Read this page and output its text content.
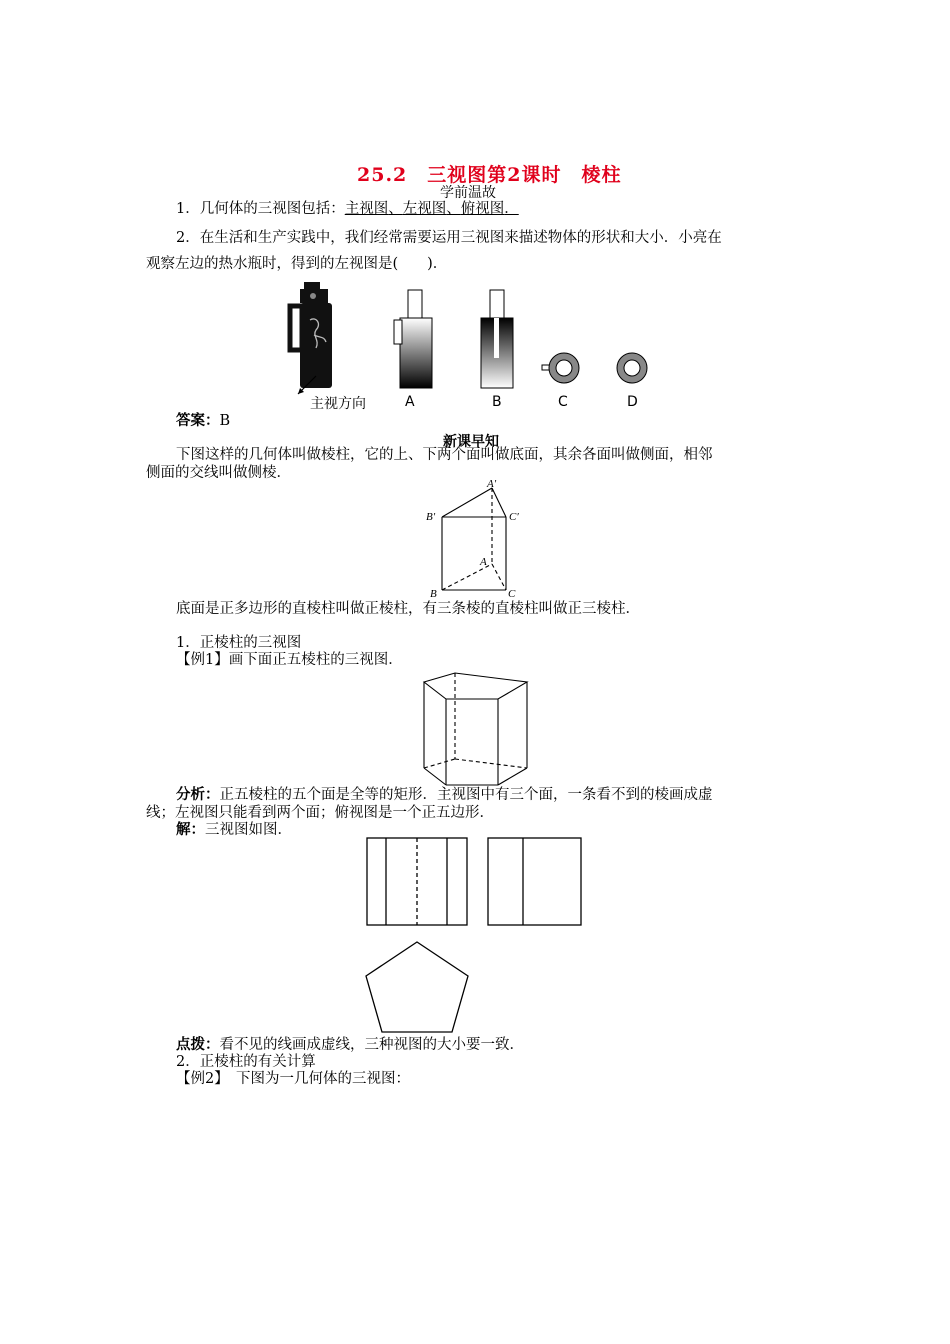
25.2　三视图第2课时　棱柱
学前温故
1．几何体的三视图包括：主视图、左视图、俯视图．
2．在生活和生产实践中，我们经常需要运用三视图来描述物体的形状和大小．小亮在
观察左边的热水瓶时，得到的左视图是(　　)．
主视方向	A	B	C	D
答案：B
新课早知
下图这样的几何体叫做棱柱，它的上、下两个面叫做底面，其余各面叫做侧面，相邻
侧面的交线叫做侧棱．
A′
B′	C′
A
B	C
底面是正多边形的直棱柱叫做正棱柱，有三条棱的直棱柱叫做正三棱柱．
1．正棱柱的三视图
【例1】画下面正五棱柱的三视图．
分析：正五棱柱的五个面是全等的矩形．主视图中有三个面，一条看不到的棱画成虚
线；左视图只能看到两个面；俯视图是一个正五边形．
解：三视图如图．
点拨：看不见的线画成虚线，三种视图的大小要一致．
2．正棱柱的有关计算
【例2】　下图为一几何体的三视图：
